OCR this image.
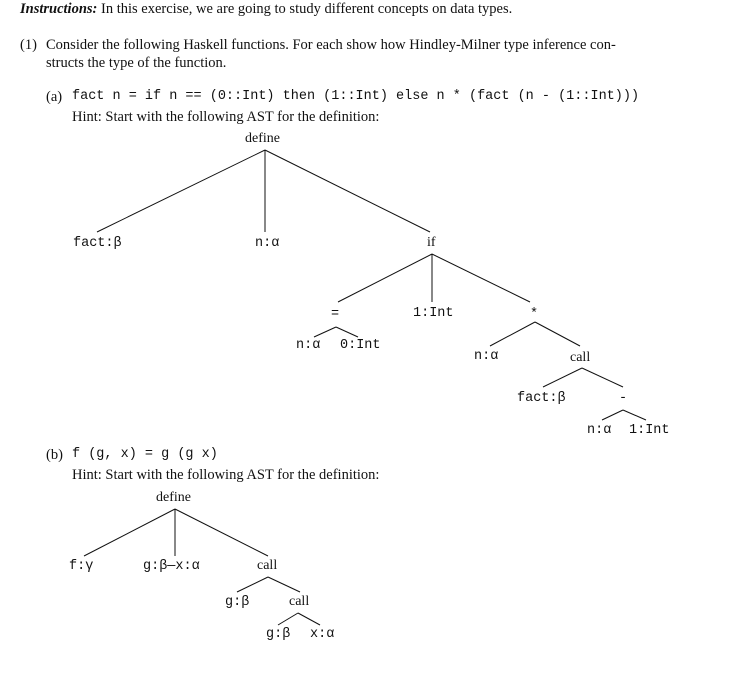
Instructions: In this exercise, we are going to study different concepts on data types.
(1) Consider the following Haskell functions. For each show how Hindley-Milner type inference con-
structs the type of the function.
(a) fact n = if n == (0::Int) then (1::Int) else n * (fact (n - (1::Int)))
Hint: Start with the following AST for the definition:
define
fact:β	n:α	if
=	1:Int	*
n:α 0:Int
n:α	call
fact:β	-
n:α 1:Int
(b) f (g, x) = g (g x)
Hint: Start with the following AST for the definition:
define
f:γ	g:β—x:α	call
g:β	call
g:β x:α
